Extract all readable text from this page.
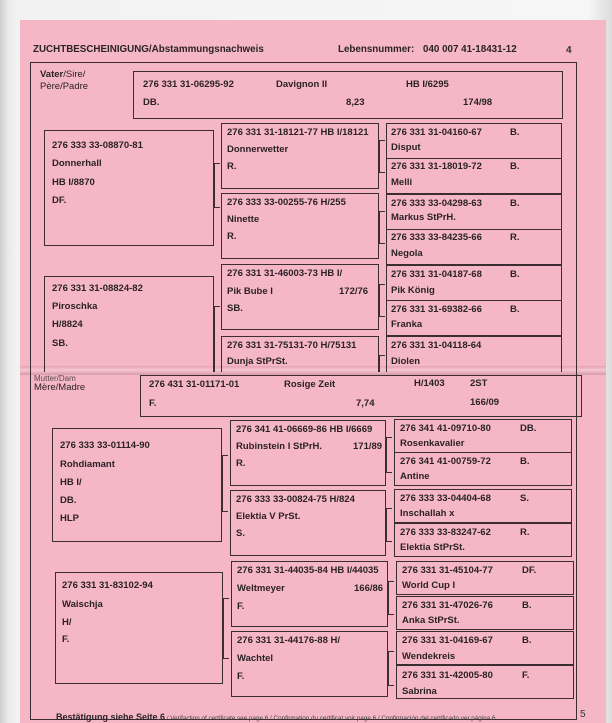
ZUCHTBESCHEINIGUNG/Abstammungsnachweis	Lebensnummer: 040 007 41-18431-12	4
Vater/Sire/
Père/Padre	276 331 31-06295-92	Davignon II	HB I/6295
DB.	8,23	174/98
276 333 33-08870-81
Donnerhall
HB I/8870
DF.
276 331 31-18121-77 HB I/18121
Donnerwetter
R.
276 331 31-04160-67	B.
Disput
276 331 31-18019-72	B.
Melli
276 333 33-00255-76 H/255
Ninette
R.
276 333 33-04298-63	B.
Markus StPrH.
276 333 33-84235-66	R.
Negola
276 331 31-08824-82
Piroschka
H/8824
SB.
276 331 31-46003-73 HB I/
Pik Bube I	172/76
SB.
276 331 31-04187-68	B.
Pik König
276 331 31-69382-66	B.
Franka
276 331 31-75131-70 H/75131
Dunja StPrSt.
276 331 31-04118-64
Diolen
Mutter/Dam
Mère/Madre	276 431 31-01171-01	Rosige Zeit	H/1403	2ST
F.	7,74	166/09
276 333 33-01114-90
Rohdiamant
HB I/
DB.
HLP
276 341 41-06669-86 HB I/6669
Rubinstein I StPrH.	171/89
R.
276 341 41-09710-80	DB.
Rosenkavalier
276 341 41-00759-72	B.
Antine
276 333 33-00824-75 H/824
Elektia V PrSt.
S.
276 333 33-04404-68	S.
Inschallah x
276 333 33-83247-62	R.
Elektia StPrSt.
276 331 31-83102-94
Waischja
H/
F.
276 331 31-44035-84 HB I/44035
Weltmeyer	166/86
F.
276 331 31-45104-77	DF.
World Cup I
276 331 31-47026-76	B.
Anka StPrSt.
276 331 31-44176-88 H/
Wachtel
F.
276 331 31-04169-67	B.
Wendekreis
276 331 31-42005-80	F.
Sabrina
Bestätigung siehe Seite 6 / Verifaction of certificate see page 6 / Confirmation du certificat voir page 6 / Confirmación del certificado ver página 6	5
